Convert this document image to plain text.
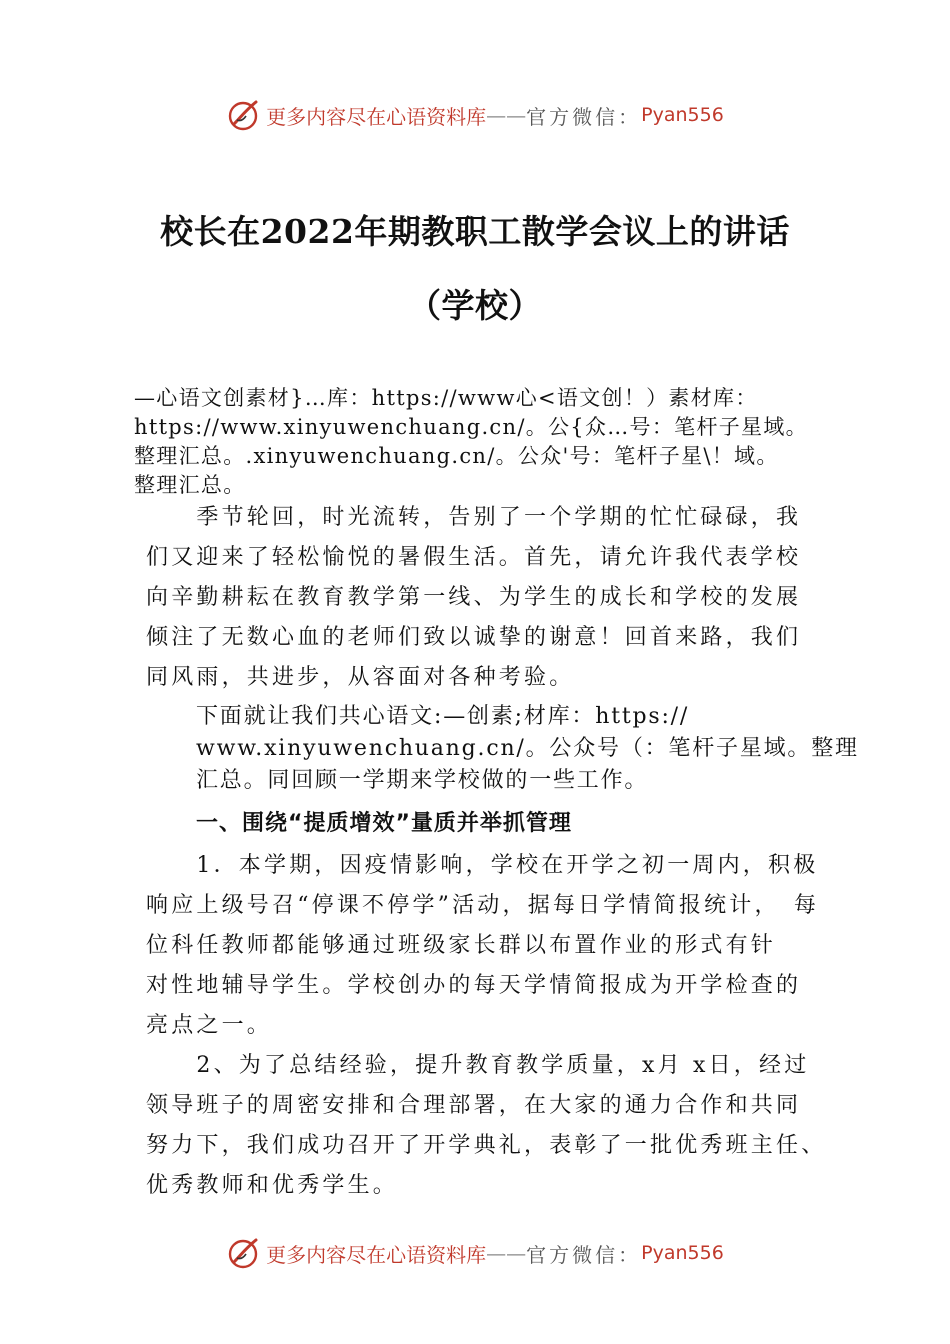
更多内容尽在心语资料库 —— 官方微信： Pyan556
校长在2022年期教职工散学会议上的讲话
（学校）
—心语文创素材}…库：https://www心<语文创！）素材库：
https://www.xinyuwenchuang.cn/。公{众…号：笔杆子星域。
整理汇总。.xinyuwenchuang.cn/。公众'号：笔杆子星\！域。
整理汇总。
　　季节轮回，时光流转，告别了一个学期的忙忙碌碌，我
们又迎来了轻松愉悦的暑假生活。首先，请允许我代表学校
向辛勤耕耘在教育教学第一线、为学生的成长和学校的发展
倾注了无数心血的老师们致以诚挚的谢意！回首来路，我们
同风雨，共进步，从容面对各种考验。
下面就让我们共心语文:—创素;材库：https://
www.xinyuwenchuang.cn/。公众号（：笔杆子星域。整理
汇总。同回顾一学期来学校做的一些工作。
一、围绕“提质增效”量质并举抓管理
　　1．本学期，因疫情影响，学校在开学之初一周内，积极
响应上级号召“停课不停学”活动，据每日学情简报统计，　每
位科任教师都能够通过班级家长群以布置作业的形式有针
对性地辅导学生。学校创办的每天学情简报成为开学检查的
亮点之一。
　　2、为了总结经验，提升教育教学质量，x月 x日，经过
领导班子的周密安排和合理部署，在大家的通力合作和共同
努力下，我们成功召开了开学典礼，表彰了一批优秀班主任、
优秀教师和优秀学生。
更多内容尽在心语资料库 —— 官方微信： Pyan556
